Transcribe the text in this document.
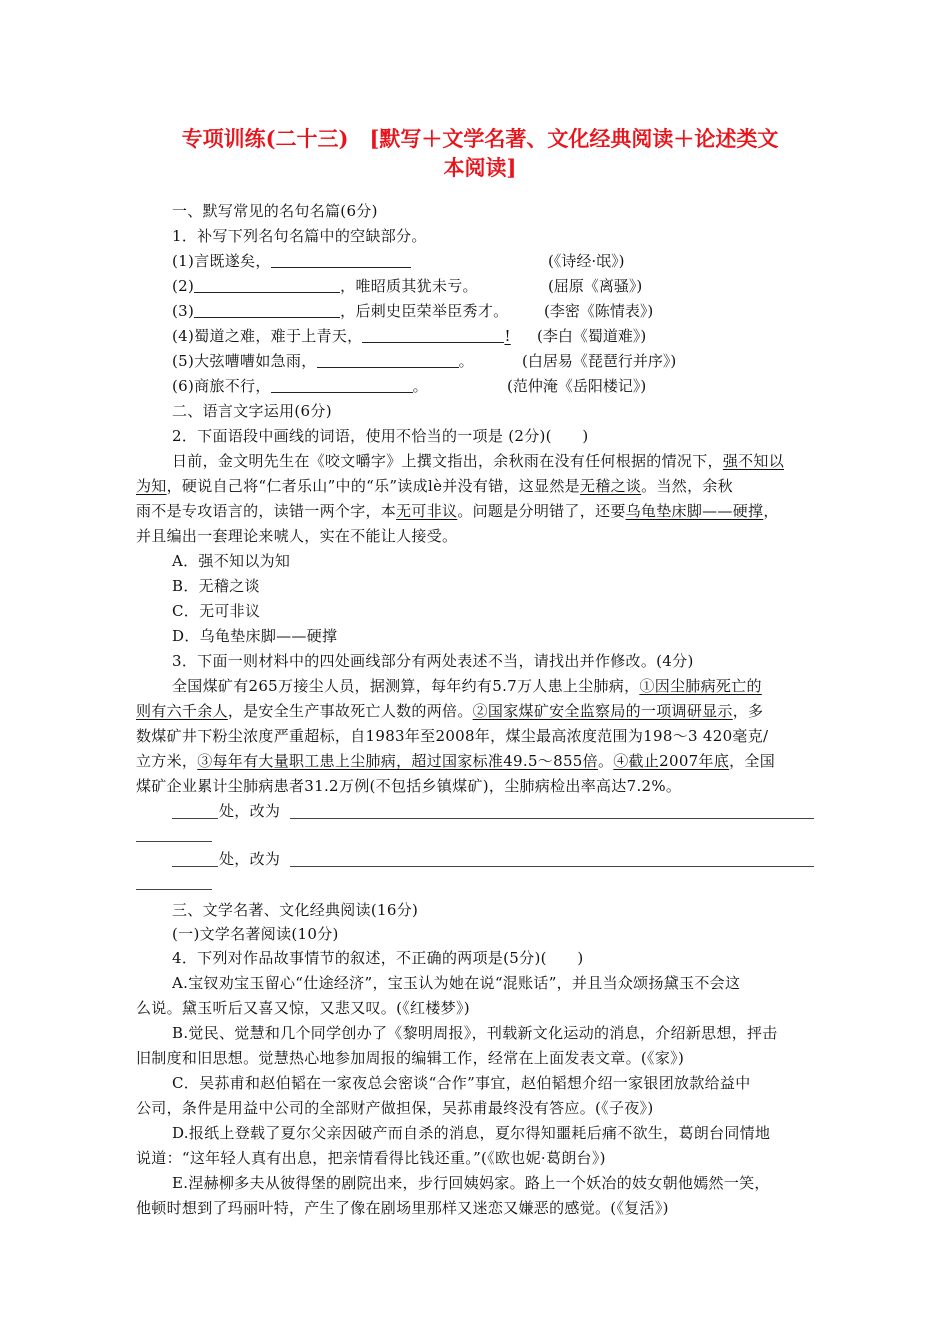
专项训练(二十三)　[默写＋文学名著、文化经典阅读＋论述类文
本阅读]
一、默写常见的名句名篇(6分)
1．补写下列名句名篇中的空缺部分。
(1)言既遂矣，	(《诗经·氓》)
(2)	，唯昭质其犹未亏。	(屈原《离骚》)
(3)	，后刺史臣荣举臣秀才。	(李密《陈情表》)
(4)蜀道之难，难于上青天，	!	(李白《蜀道难》)
(5)大弦嘈嘈如急雨，	。	(白居易《琵琶行并序》)
(6)商旅不行，	。	(范仲淹《岳阳楼记》)
二、语言文字运用(6分)
2．下面语段中画线的词语，使用不恰当的一项是 (2分)(　　)
日前，金文明先生在《咬文嚼字》上撰文指出，余秋雨在没有任何根据的情况下，强不知以
为知，硬说自己将“仁者乐山”中的“乐”读成lè并没有错，这显然是无稽之谈。当然，余秋
雨不是专攻语言的，读错一两个字，本无可非议。问题是分明错了，还要乌龟垫床脚——硬撑，
并且编出一套理论来唬人，实在不能让人接受。
A．强不知以为知
B．无稽之谈
C．无可非议
D．乌龟垫床脚——硬撑
3．下面一则材料中的四处画线部分有两处表述不当，请找出并作修改。(4分)
全国煤矿有265万接尘人员，据测算，每年约有5.7万人患上尘肺病，①因尘肺病死亡的
则有六千余人，是安全生产事故死亡人数的两倍。②国家煤矿安全监察局的一项调研显示，多
数煤矿井下粉尘浓度严重超标，自1983年至2008年，煤尘最高浓度范围为198～3 420毫克/
立方米，③每年有大量职工患上尘肺病，超过国家标准49.5～855倍。④截止2007年底，全国
煤矿企业累计尘肺病患者31.2万例(不包括乡镇煤矿)，尘肺病检出率高达7.2%。
处，改为
处，改为
三、文学名著、文化经典阅读(16分)
(一)文学名著阅读(10分)
4．下列对作品故事情节的叙述，不正确的两项是(5分)(　　)
A.宝钗劝宝玉留心“仕途经济”，宝玉认为她在说“混账话”，并且当众颂扬黛玉不会这
么说。黛玉听后又喜又惊，又悲又叹。(《红楼梦》)
B.觉民、觉慧和几个同学创办了《黎明周报》，刊载新文化运动的消息，介绍新思想，抨击
旧制度和旧思想。觉慧热心地参加周报的编辑工作，经常在上面发表文章。(《家》)
C．吴荪甫和赵伯韬在一家夜总会密谈“合作”事宜，赵伯韬想介绍一家银团放款给益中
公司，条件是用益中公司的全部财产做担保，吴荪甫最终没有答应。(《子夜》)
D.报纸上登载了夏尔父亲因破产而自杀的消息，夏尔得知噩耗后痛不欲生，葛朗台同情地
说道：“这年轻人真有出息，把亲情看得比钱还重。”(《欧也妮·葛朗台》)
E.涅赫柳多夫从彼得堡的剧院出来，步行回姨妈家。路上一个妖冶的妓女朝他嫣然一笑，
他顿时想到了玛丽叶特，产生了像在剧场里那样又迷恋又嫌恶的感觉。(《复活》)
